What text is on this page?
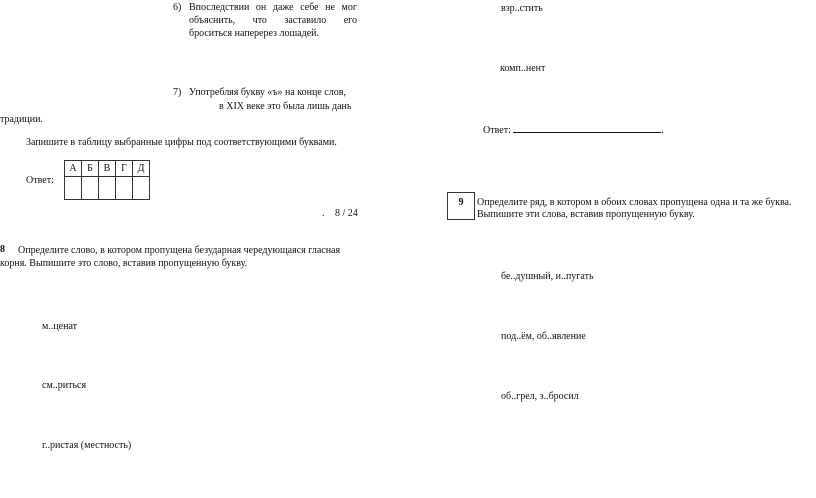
6) Впоследствии он даже себе не мог
объяснить, что заставило его
броситься наперерез лошадей.
7) Употребляя букву «ъ» на конце слов,
в XIX веке это была лишь дань
традиции.
Запишите в таблицу выбранные цифры под соответствующими буквами.
Ответ:
А	Б	В	Г	Д

. 8 / 24
8 Определите слово, в котором пропущена безударная чередующаяся гласная
корня. Выпишите это слово, вставив пропущенную букву.
м..ценат
см..риться
г..ристая (местность)
взр..стить
комп..нент
Ответ:	.
9	Определите ряд, в котором в обоих словах пропущена одна и та же буква.
Выпишите эти слова, вставив пропущенную букву.
бе..душный, и..пугать
под..ём, об..явление
об..грел, з..бросил
